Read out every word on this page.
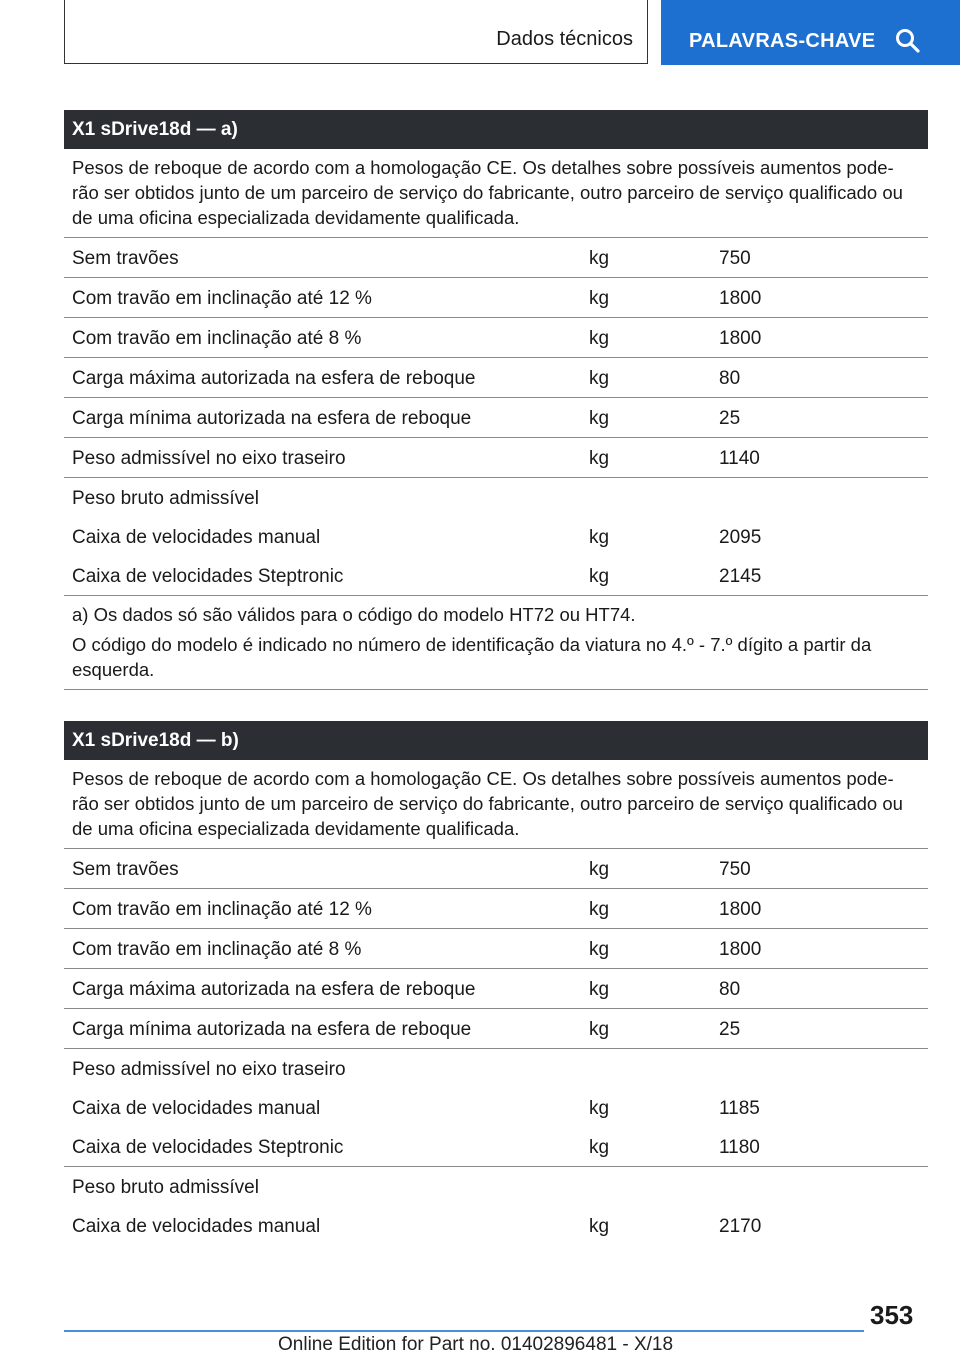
Dados técnicos	PALAVRAS-CHAVE
X1 sDrive18d — a)
Pesos de reboque de acordo com a homologação CE. Os detalhes sobre possíveis aumentos pode- rão ser obtidos junto de um parceiro de serviço do fabricante, outro parceiro de serviço qualificado ou de uma oficina especializada devidamente qualificada.
Sem travões	kg	750
Com travão em inclinação até 12 %	kg	1800
Com travão em inclinação até 8 %	kg	1800
Carga máxima autorizada na esfera de reboque	kg	80
Carga mínima autorizada na esfera de reboque	kg	25
Peso admissível no eixo traseiro	kg	1140
Peso bruto admissível
Caixa de velocidades manual	kg	2095
Caixa de velocidades Steptronic	kg	2145

a) Os dados só são válidos para o código do modelo HT72 ou HT74.

O código do modelo é indicado no número de identificação da viatura no 4.º - 7.º dígito a partir da esquerda.

X1 sDrive18d — b)
Pesos de reboque de acordo com a homologação CE. Os detalhes sobre possíveis aumentos pode- rão ser obtidos junto de um parceiro de serviço do fabricante, outro parceiro de serviço qualificado ou de uma oficina especializada devidamente qualificada.
Sem travões	kg	750
Com travão em inclinação até 12 %	kg	1800
Com travão em inclinação até 8 %	kg	1800
Carga máxima autorizada na esfera de reboque	kg	80
Carga mínima autorizada na esfera de reboque	kg	25
Peso admissível no eixo traseiro
Caixa de velocidades manual	kg	1185
Caixa de velocidades Steptronic	kg	1180
Peso bruto admissível
Caixa de velocidades manual	kg	2170
353
Online Edition for Part no. 01402896481 - X/18
